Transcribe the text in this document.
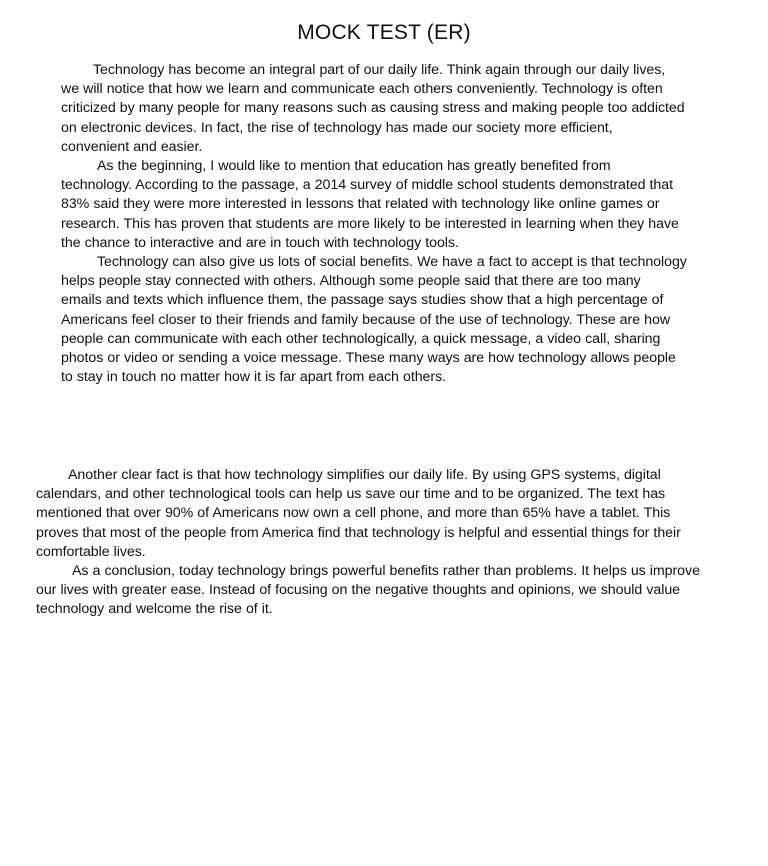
MOCK TEST (ER)

Technology has become an integral part of our daily life. Think again through our daily lives,
we will notice that how we learn and communicate each others conveniently. Technology is often
criticized by many people for many reasons such as causing stress and making people too addicted
on electronic devices. In fact, the rise of technology has made our society more efficient,
convenient and easier.

As the beginning, I would like to mention that education has greatly benefited from
technology. According to the passage, a 2014 survey of middle school students demonstrated that
83% said they were more interested in lessons that related with technology like online games or
research. This has proven that students are more likely to be interested in learning when they have
the chance to interactive and are in touch with technology tools.

Technology can also give us lots of social benefits. We have a fact to accept is that technology
helps people stay connected with others. Although some people said that there are too many
emails and texts which influence them, the passage says studies show that a high percentage of
Americans feel closer to their friends and family because of the use of technology. These are how
people can communicate with each other technologically, a quick message, a video call, sharing
photos or video or sending a voice message. These many ways are how technology allows people
to stay in touch no matter how it is far apart from each others.

Another clear fact is that how technology simplifies our daily life. By using GPS systems, digital
calendars, and other technological tools can help us save our time and to be organized. The text has
mentioned that over 90% of Americans now own a cell phone, and more than 65% have a tablet. This
proves that most of the people from America find that technology is helpful and essential things for their
comfortable lives.

As a conclusion, today technology brings powerful benefits rather than problems. It helps us improve
our lives with greater ease. Instead of focusing on the negative thoughts and opinions, we should value
technology and welcome the rise of it.
